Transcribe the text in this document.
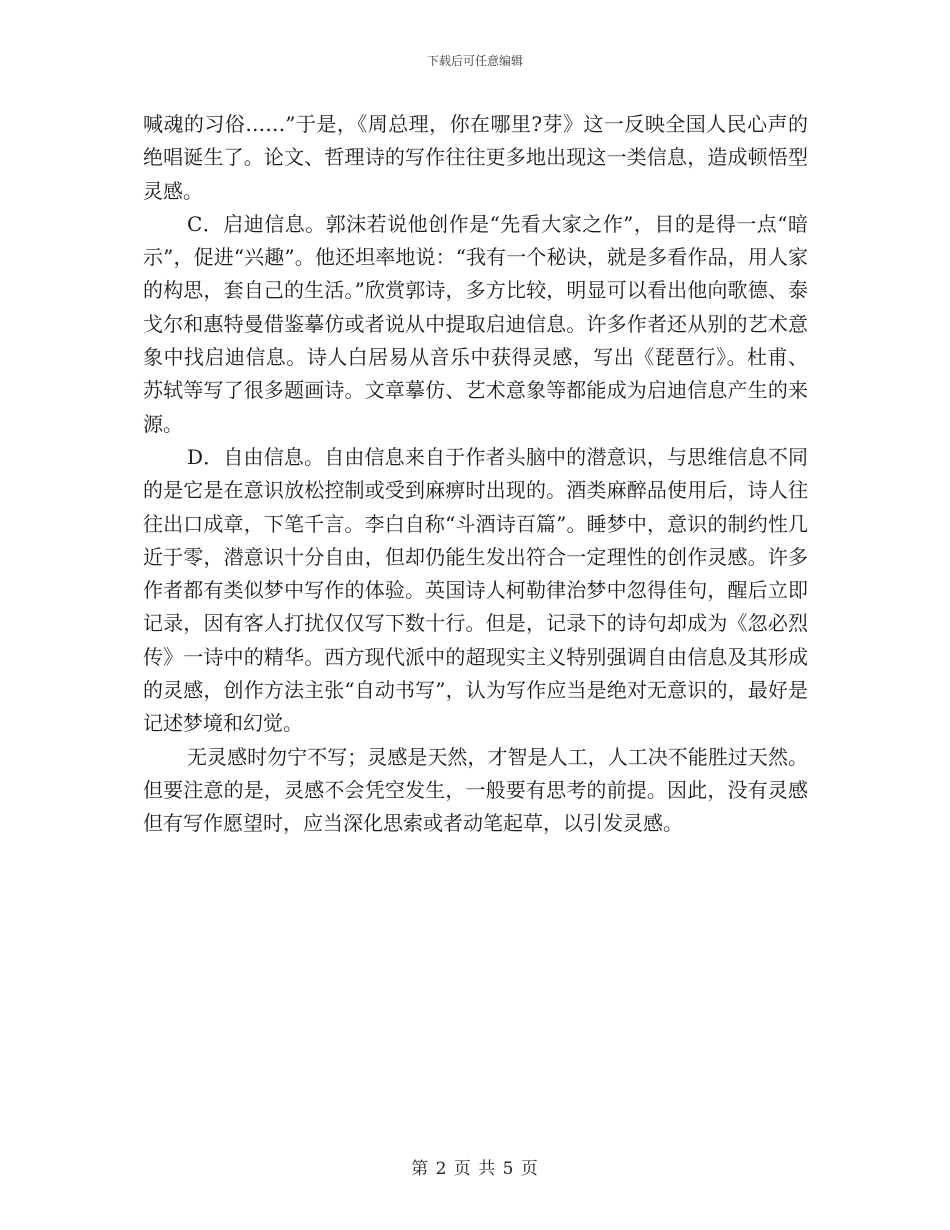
下载后可任意编辑

喊魂的习俗……”于是，《周总理，你在哪里?芽》这一反映全国人民心声的绝唱诞生了。论文、哲理诗的写作往往更多地出现这一类信息，造成顿悟型灵感。

C．启迪信息。郭沫若说他创作是“先看大家之作”，目的是得一点“暗示”，促进“兴趣”。他还坦率地说：“我有一个秘诀，就是多看作品，用人家的构思，套自己的生活。”欣赏郭诗，多方比较，明显可以看出他向歌德、泰戈尔和惠特曼借鉴摹仿或者说从中提取启迪信息。许多作者还从别的艺术意象中找启迪信息。诗人白居易从音乐中获得灵感，写出《琵琶行》。杜甫、苏轼等写了很多题画诗。文章摹仿、艺术意象等都能成为启迪信息产生的来源。

D．自由信息。自由信息来自于作者头脑中的潜意识，与思维信息不同的是它是在意识放松控制或受到麻痹时出现的。酒类麻醉品使用后，诗人往往出口成章，下笔千言。李白自称“斗酒诗百篇”。睡梦中，意识的制约性几近于零，潜意识十分自由，但却仍能生发出符合一定理性的创作灵感。许多作者都有类似梦中写作的体验。英国诗人柯勒律治梦中忽得佳句，醒后立即记录，因有客人打扰仅仅写下数十行。但是，记录下的诗句却成为《忽必烈传》一诗中的精华。西方现代派中的超现实主义特别强调自由信息及其形成的灵感，创作方法主张“自动书写”，认为写作应当是绝对无意识的，最好是记述梦境和幻觉。

无灵感时勿宁不写；灵感是天然，才智是人工，人工决不能胜过天然。但要注意的是，灵感不会凭空发生，一般要有思考的前提。因此，没有灵感但有写作愿望时，应当深化思索或者动笔起草，以引发灵感。

第 2 页 共 5 页
